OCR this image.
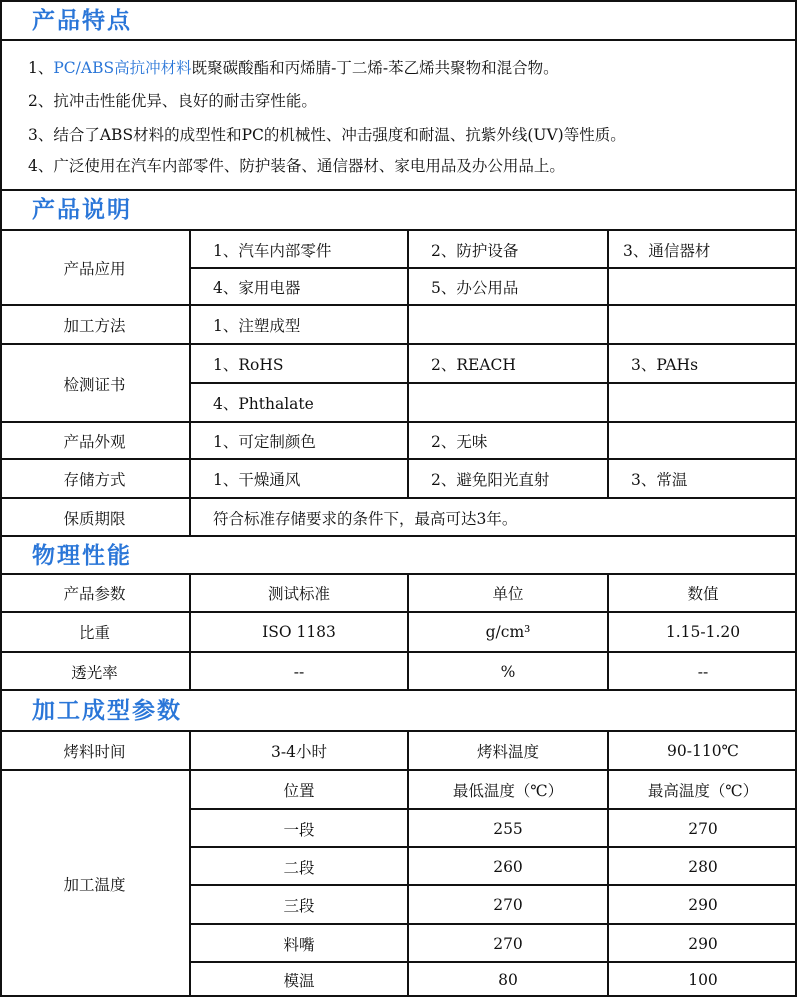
产品特点
1、PC/ABS高抗冲材料既聚碳酸酯和丙烯腈-丁二烯-苯乙烯共聚物和混合物。
2、抗冲击性能优异、良好的耐击穿性能。
3、结合了ABS材料的成型性和PC的机械性、冲击强度和耐温、抗紫外线(UV)等性质。
4、广泛使用在汽车内部零件、防护装备、通信器材、家电用品及办公用品上。
产品说明
产品应用
1、汽车内部零件	2、防护设备	3、通信器材
4、家用电器	5、办公用品
加工方法	1、注塑成型
检测证书
1、RoHS	2、REACH	3、PAHs
4、Phthalate
产品外观	1、可定制颜色	2、无味
存储方式	1、干燥通风	2、避免阳光直射	3、常温
保质期限	符合标准存储要求的条件下，最高可达3年。
物理性能
产品参数	测试标准	单位	数值
比重	ISO 1183	g/cm³	1.15-1.20
透光率	--	%	--
加工成型参数
烤料时间	3-4小时	烤料温度	90-110℃
加工温度
位置	最低温度（℃）	最高温度（℃）
一段	255	270
二段	260	280
三段	270	290
料嘴	270	290
模温	80	100
